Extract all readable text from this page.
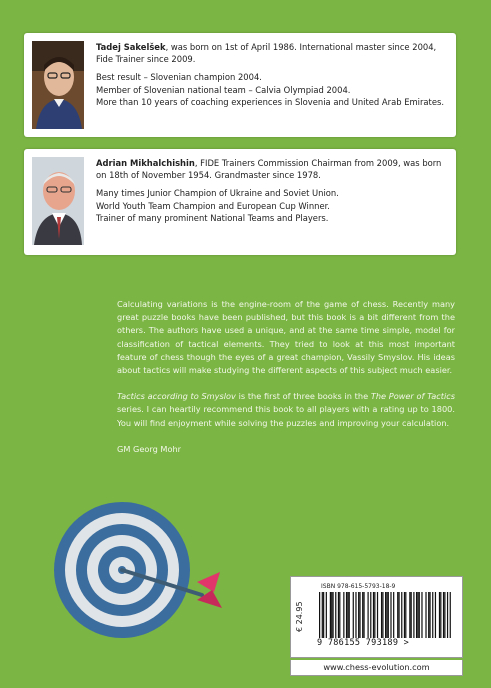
Tadej Sakelšek, was born on 1st of April 1986. International master since 2004, Fide Trainer since 2009.

Best result – Slovenian champion 2004.
Member of Slovenian national team – Calvia Olympiad 2004.
More than 10 years of coaching experiences in Slovenia and United Arab Emirates.

Adrian Mikhalchishin, FIDE Trainers Commission Chairman from 2009, was born on 18th of November 1954. Grandmaster since 1978.

Many times Junior Champion of Ukraine and Soviet Union.
World Youth Team Champion and European Cup Winner.
Trainer of many prominent National Teams and Players.

Calculating variations is the engine-room of the game of chess. Recently many great puzzle books have been published, but this book is a bit different from the others. The authors have used a unique, and at the same time simple, model for classification of tactical elements. They tried to look at this most important feature of chess though the eyes of a great champion, Vassily Smyslov. His ideas about tactics will make studying the different aspects of this subject much easier.

Tactics according to Smyslov is the first of three books in the The Power of Tactics series. I can heartily recommend this book to all players with a rating up to 1800. You will find enjoyment while solving the puzzles and improving your calculation.

GM Georg Mohr

€ 24.95
ISBN 978-615-5793-18-9
9 786155 793189 >
www.chess-evolution.com
